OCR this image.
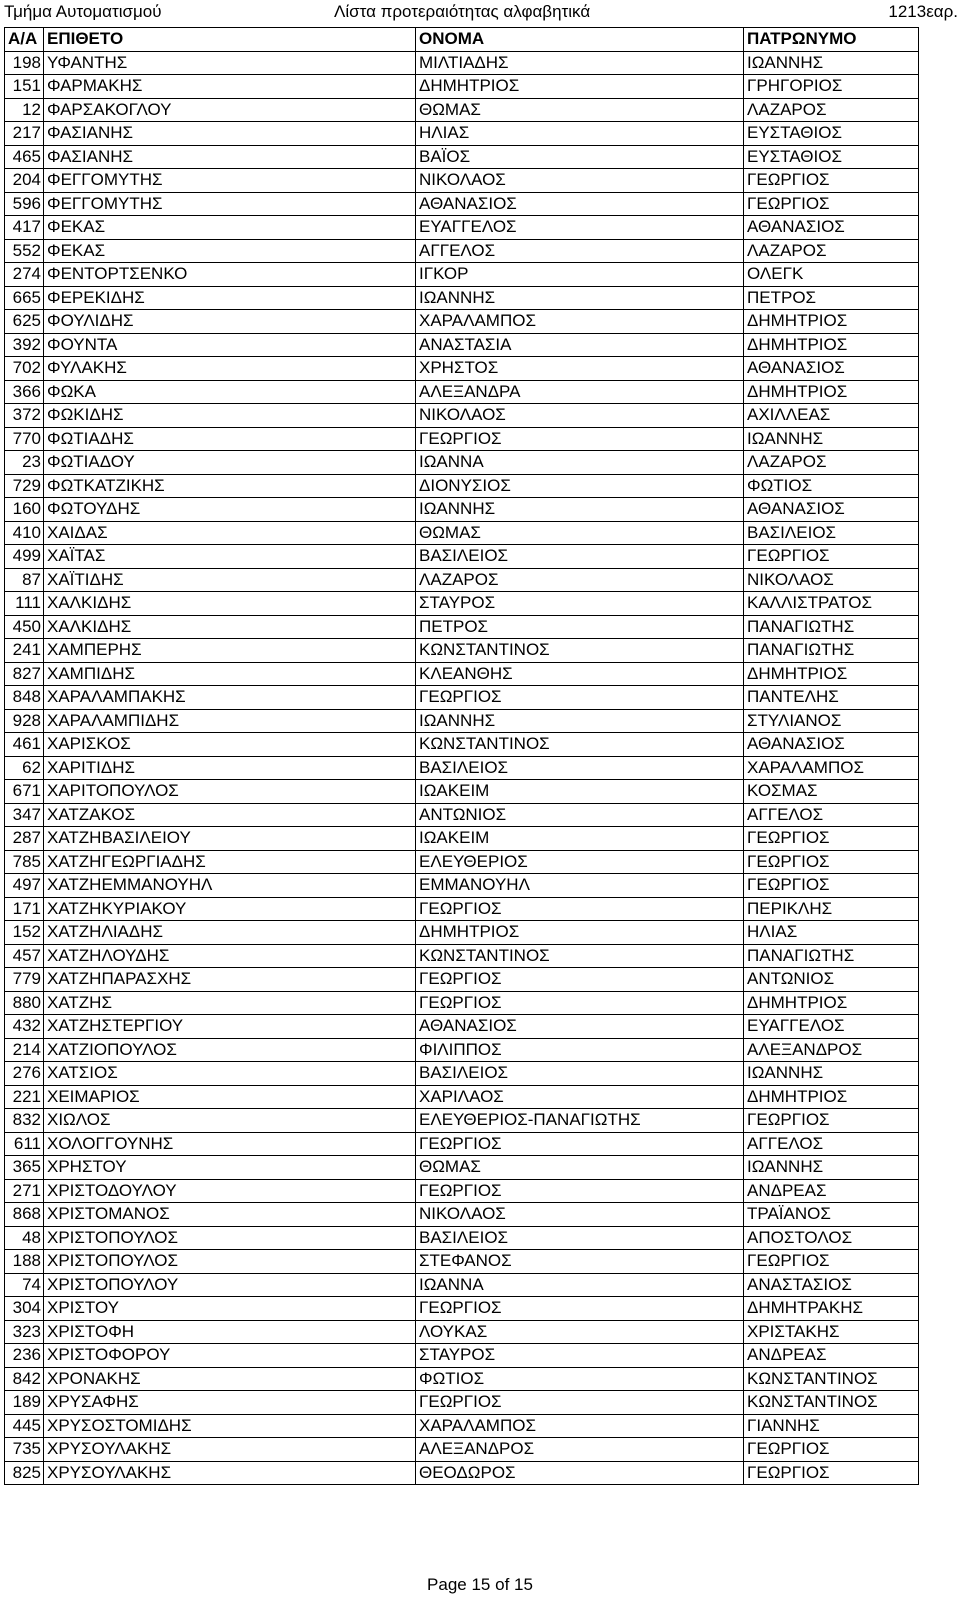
Τμήμα Αυτοματισμού	Λίστα προτεραιότητας αλφαβητικά	1213εαρ.
Α/Α	ΕΠΙΘΕΤΟ	ΟΝΟΜΑ	ΠΑΤΡΩΝΥΜΟ
198	ΥΦΑΝΤΗΣ	ΜΙΛΤΙΑΔΗΣ	ΙΩΑΝΝΗΣ
151	ΦΑΡΜΑΚΗΣ	ΔΗΜΗΤΡΙΟΣ	ΓΡΗΓΟΡΙΟΣ
12	ΦΑΡΣΑΚΟΓΛΟΥ	ΘΩΜΑΣ	ΛΑΖΑΡΟΣ
217	ΦΑΣΙΑΝΗΣ	ΗΛΙΑΣ	ΕΥΣΤΑΘΙΟΣ
465	ΦΑΣΙΑΝΗΣ	ΒΑΪΟΣ	ΕΥΣΤΑΘΙΟΣ
204	ΦΕΓΓΟΜΥΤΗΣ	ΝΙΚΟΛΑΟΣ	ΓΕΩΡΓΙΟΣ
596	ΦΕΓΓΟΜΥΤΗΣ	ΑΘΑΝΑΣΙΟΣ	ΓΕΩΡΓΙΟΣ
417	ΦΕΚΑΣ	ΕΥΑΓΓΕΛΟΣ	ΑΘΑΝΑΣΙΟΣ
552	ΦΕΚΑΣ	ΑΓΓΕΛΟΣ	ΛΑΖΑΡΟΣ
274	ΦΕΝΤΟΡΤΣΕΝΚΟ	ΙΓΚΟΡ	ΟΛΕΓΚ
665	ΦΕΡΕΚΙΔΗΣ	ΙΩΑΝΝΗΣ	ΠΕΤΡΟΣ
625	ΦΟΥΛΙΔΗΣ	ΧΑΡΑΛΑΜΠΟΣ	ΔΗΜΗΤΡΙΟΣ
392	ΦΟΥΝΤΑ	ΑΝΑΣΤΑΣΙΑ	ΔΗΜΗΤΡΙΟΣ
702	ΦΥΛΑΚΗΣ	ΧΡΗΣΤΟΣ	ΑΘΑΝΑΣΙΟΣ
366	ΦΩΚΑ	ΑΛΕΞΑΝΔΡΑ	ΔΗΜΗΤΡΙΟΣ
372	ΦΩΚΙΔΗΣ	ΝΙΚΟΛΑΟΣ	ΑΧΙΛΛΕΑΣ
770	ΦΩΤΙΑΔΗΣ	ΓΕΩΡΓΙΟΣ	ΙΩΑΝΝΗΣ
23	ΦΩΤΙΑΔΟΥ	ΙΩΑΝΝΑ	ΛΑΖΑΡΟΣ
729	ΦΩΤΚΑΤΖΙΚΗΣ	ΔΙΟΝΥΣΙΟΣ	ΦΩΤΙΟΣ
160	ΦΩΤΟΥΔΗΣ	ΙΩΑΝΝΗΣ	ΑΘΑΝΑΣΙΟΣ
410	ΧΑΙΔΑΣ	ΘΩΜΑΣ	ΒΑΣΙΛΕΙΟΣ
499	ΧΑΪΤΑΣ	ΒΑΣΙΛΕΙΟΣ	ΓΕΩΡΓΙΟΣ
87	ΧΑΪΤΙΔΗΣ	ΛΑΖΑΡΟΣ	ΝΙΚΟΛΑΟΣ
111	ΧΑΛΚΙΔΗΣ	ΣΤΑΥΡΟΣ	ΚΑΛΛΙΣΤΡΑΤΟΣ
450	ΧΑΛΚΙΔΗΣ	ΠΕΤΡΟΣ	ΠΑΝΑΓΙΩΤΗΣ
241	ΧΑΜΠΕΡΗΣ	ΚΩΝΣΤΑΝΤΙΝΟΣ	ΠΑΝΑΓΙΩΤΗΣ
827	ΧΑΜΠΙΔΗΣ	ΚΛΕΑΝΘΗΣ	ΔΗΜΗΤΡΙΟΣ
848	ΧΑΡΑΛΑΜΠΑΚΗΣ	ΓΕΩΡΓΙΟΣ	ΠΑΝΤΕΛΗΣ
928	ΧΑΡΑΛΑΜΠΙΔΗΣ	ΙΩΑΝΝΗΣ	ΣΤΥΛΙΑΝΟΣ
461	ΧΑΡΙΣΚΟΣ	ΚΩΝΣΤΑΝΤΙΝΟΣ	ΑΘΑΝΑΣΙΟΣ
62	ΧΑΡΙΤΙΔΗΣ	ΒΑΣΙΛΕΙΟΣ	ΧΑΡΑΛΑΜΠΟΣ
671	ΧΑΡΙΤΟΠΟΥΛΟΣ	ΙΩΑΚΕΙΜ	ΚΟΣΜΑΣ
347	ΧΑΤΖΑΚΟΣ	ΑΝΤΩΝΙΟΣ	ΑΓΓΕΛΟΣ
287	ΧΑΤΖΗΒΑΣΙΛΕΙΟΥ	ΙΩΑΚΕΙΜ	ΓΕΩΡΓΙΟΣ
785	ΧΑΤΖΗΓΕΩΡΓΙΑΔΗΣ	ΕΛΕΥΘΕΡΙΟΣ	ΓΕΩΡΓΙΟΣ
497	ΧΑΤΖΗΕΜΜΑΝΟΥΗΛ	ΕΜΜΑΝΟΥΗΛ	ΓΕΩΡΓΙΟΣ
171	ΧΑΤΖΗΚΥΡΙΑΚΟΥ	ΓΕΩΡΓΙΟΣ	ΠΕΡΙΚΛΗΣ
152	ΧΑΤΖΗΛΙΑΔΗΣ	ΔΗΜΗΤΡΙΟΣ	ΗΛΙΑΣ
457	ΧΑΤΖΗΛΟΥΔΗΣ	ΚΩΝΣΤΑΝΤΙΝΟΣ	ΠΑΝΑΓΙΩΤΗΣ
779	ΧΑΤΖΗΠΑΡΑΣΧΗΣ	ΓΕΩΡΓΙΟΣ	ΑΝΤΩΝΙΟΣ
880	ΧΑΤΖΗΣ	ΓΕΩΡΓΙΟΣ	ΔΗΜΗΤΡΙΟΣ
432	ΧΑΤΖΗΣΤΕΡΓΙΟΥ	ΑΘΑΝΑΣΙΟΣ	ΕΥΑΓΓΕΛΟΣ
214	ΧΑΤΖΙΟΠΟΥΛΟΣ	ΦΙΛΙΠΠΟΣ	ΑΛΕΞΑΝΔΡΟΣ
276	ΧΑΤΣΙΟΣ	ΒΑΣΙΛΕΙΟΣ	ΙΩΑΝΝΗΣ
221	ΧΕΙΜΑΡΙΟΣ	ΧΑΡΙΛΑΟΣ	ΔΗΜΗΤΡΙΟΣ
832	ΧΙΩΛΟΣ	ΕΛΕΥΘΕΡΙΟΣ-ΠΑΝΑΓΙΩΤΗΣ	ΓΕΩΡΓΙΟΣ
611	ΧΟΛΟΓΓΟΥΝΗΣ	ΓΕΩΡΓΙΟΣ	ΑΓΓΕΛΟΣ
365	ΧΡΗΣΤΟΥ	ΘΩΜΑΣ	ΙΩΑΝΝΗΣ
271	ΧΡΙΣΤΟΔΟΥΛΟΥ	ΓΕΩΡΓΙΟΣ	ΑΝΔΡΕΑΣ
868	ΧΡΙΣΤΟΜΑΝΟΣ	ΝΙΚΟΛΑΟΣ	ΤΡΑΪΑΝΟΣ
48	ΧΡΙΣΤΟΠΟΥΛΟΣ	ΒΑΣΙΛΕΙΟΣ	ΑΠΟΣΤΟΛΟΣ
188	ΧΡΙΣΤΟΠΟΥΛΟΣ	ΣΤΕΦΑΝΟΣ	ΓΕΩΡΓΙΟΣ
74	ΧΡΙΣΤΟΠΟΥΛΟΥ	ΙΩΑΝΝΑ	ΑΝΑΣΤΑΣΙΟΣ
304	ΧΡΙΣΤΟΥ	ΓΕΩΡΓΙΟΣ	ΔΗΜΗΤΡΑΚΗΣ
323	ΧΡΙΣΤΟΦΗ	ΛΟΥΚΑΣ	ΧΡΙΣΤΑΚΗΣ
236	ΧΡΙΣΤΟΦΟΡΟΥ	ΣΤΑΥΡΟΣ	ΑΝΔΡΕΑΣ
842	ΧΡΟΝΑΚΗΣ	ΦΩΤΙΟΣ	ΚΩΝΣΤΑΝΤΙΝΟΣ
189	ΧΡΥΣΑΦΗΣ	ΓΕΩΡΓΙΟΣ	ΚΩΝΣΤΑΝΤΙΝΟΣ
445	ΧΡΥΣΟΣΤΟΜΙΔΗΣ	ΧΑΡΑΛΑΜΠΟΣ	ΓΙΑΝΝΗΣ
735	ΧΡΥΣΟΥΛΑΚΗΣ	ΑΛΕΞΑΝΔΡΟΣ	ΓΕΩΡΓΙΟΣ
825	ΧΡΥΣΟΥΛΑΚΗΣ	ΘΕΟΔΩΡΟΣ	ΓΕΩΡΓΙΟΣ
Page 15 of 15
